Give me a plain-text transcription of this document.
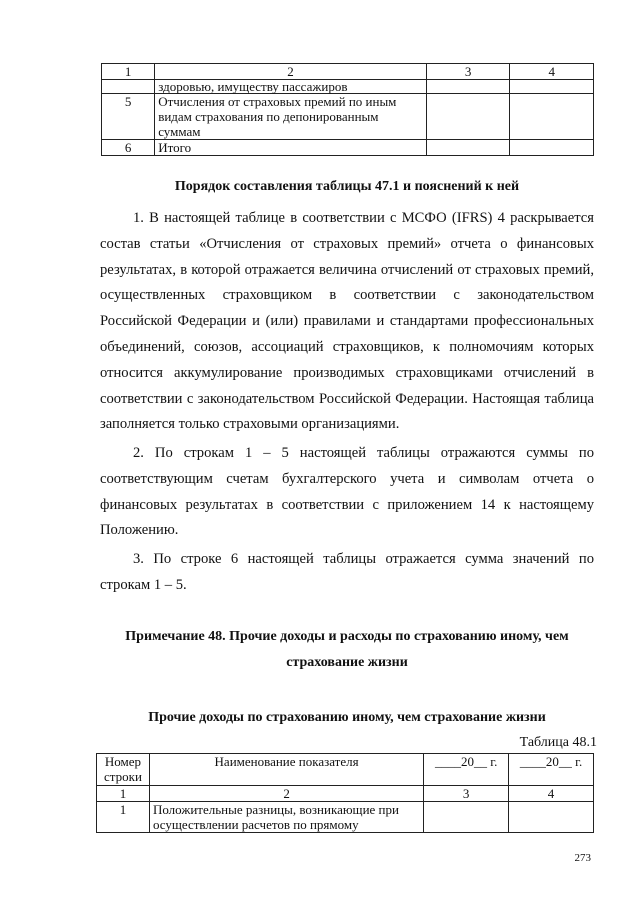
1	2	3	4
	здоровью, имуществу пассажиров		
5	Отчисления от страховых премий по иным видам страхования по депонированным суммам		
6	Итого		
Порядок составления таблицы 47.1 и пояснений к ней

1. В настоящей таблице в соответствии с МСФО (IFRS) 4 раскрывается состав статьи «Отчисления от страховых премий» отчета о финансовых результатах, в которой отражается величина отчислений от страховых премий, осуществленных страховщиком в соответствии с законодательством Российской Федерации и (или) правилами и стандартами профессиональных объединений, союзов, ассоциаций страховщиков, к полномочиям которых относится аккумулирование производимых страховщиками отчислений в соответствии с законодательством Российской Федерации. Настоящая таблица заполняется только страховыми организациями.

2. По строкам 1 – 5 настоящей таблицы отражаются суммы по соответствующим счетам бухгалтерского учета и символам отчета о финансовых результатах в соответствии с приложением 14 к настоящему Положению.

3. По строке 6 настоящей таблицы отражается сумма значений по строкам 1 – 5.

Примечание 48. Прочие доходы и расходы по страхованию иному, чем
страхование жизни
Прочие доходы по страхованию иному, чем страхование жизни
Таблица 48.1
Номер строки	Наименование показателя	____20__ г.	____20__ г.
1	2	3	4
1	Положительные разницы, возникающие при осуществлении расчетов по прямому		
273
